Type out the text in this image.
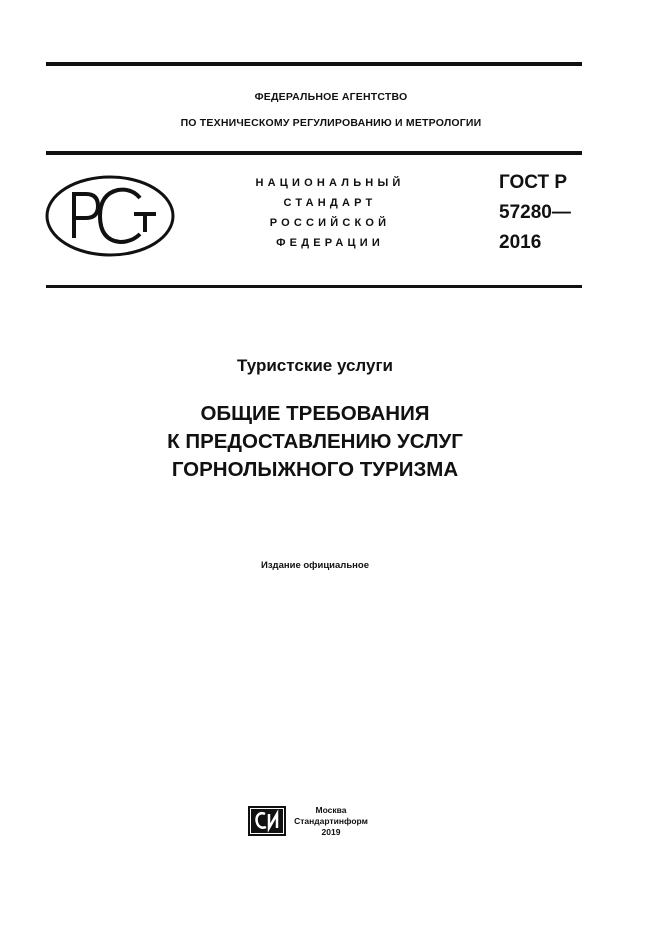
ФЕДЕРАЛЬНОЕ АГЕНТСТВО
ПО ТЕХНИЧЕСКОМУ РЕГУЛИРОВАНИЮ И МЕТРОЛОГИИ
НАЦИОНАЛЬНЫЙ
СТАНДАРТ
РОССИЙСКОЙ
ФЕДЕРАЦИИ
ГОСТ Р
57280—
2016
Туристские услуги
ОБЩИЕ ТРЕБОВАНИЯ
К ПРЕДОСТАВЛЕНИЮ УСЛУГ
ГОРНОЛЫЖНОГО ТУРИЗМА
Издание официальное
Москва
Стандартинформ
2019
